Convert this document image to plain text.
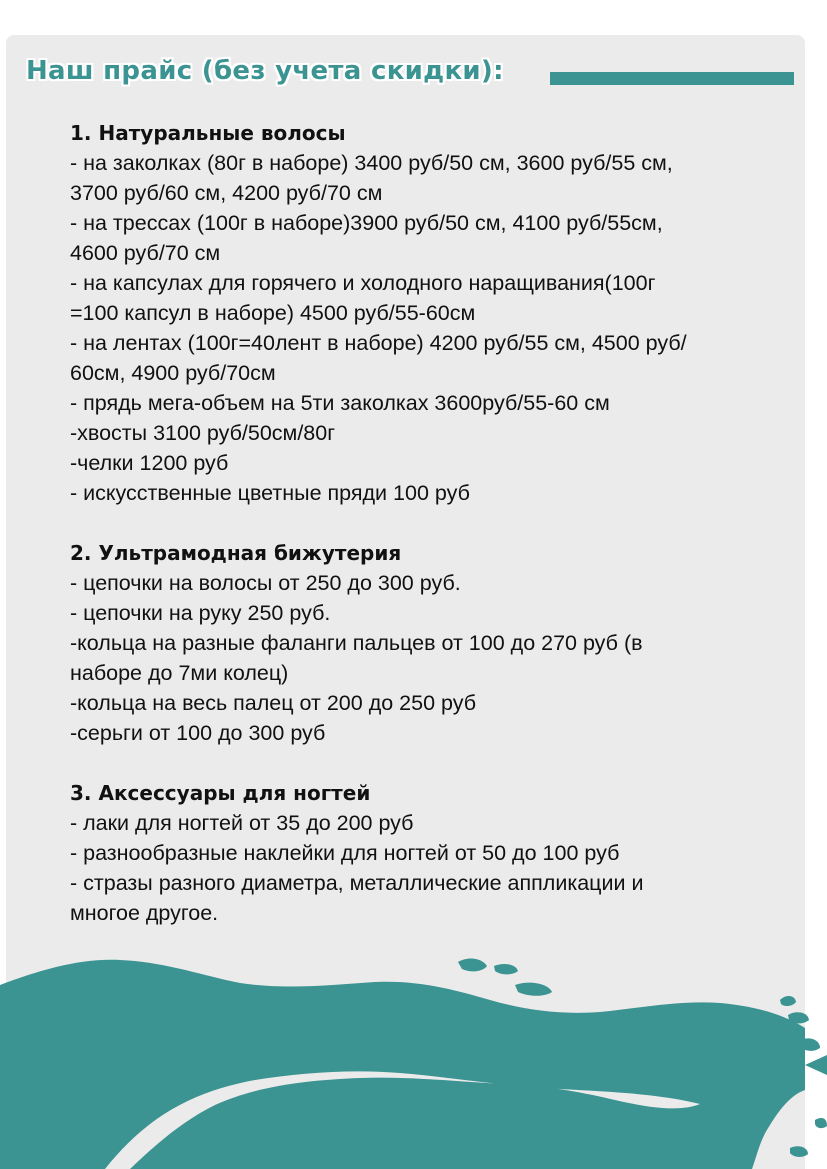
Наш прайс (без учета скидки):
1. Натуральные волосы
- на заколках (80г в наборе) 3400 руб/50 см, 3600 руб/55 см,
3700 руб/60 см, 4200 руб/70 см
- на трессах (100г в наборе)3900 руб/50 см, 4100 руб/55см,
4600 руб/70 см
- на капсулах для горячего и холодного наращивания(100г
=100 капсул в наборе) 4500 руб/55-60см
- на лентах (100г=40лент в наборе) 4200 руб/55 см, 4500 руб/
60см, 4900 руб/70см
- прядь мега-объем на 5ти заколках 3600руб/55-60 см
-хвосты 3100 руб/50см/80г
-челки 1200 руб
- искусственные цветные пряди 100 руб
2. Ультрамодная бижутерия
- цепочки на волосы от 250 до 300 руб.
- цепочки на руку 250 руб.
-кольца на разные фаланги пальцев от 100 до 270 руб (в
наборе до 7ми колец)
-кольца на весь палец от 200 до 250 руб
-серьги от 100 до 300 руб
3. Аксессуары для ногтей
- лаки для ногтей от 35 до 200 руб
- разнообразные наклейки для ногтей от 50 до 100 руб
- стразы разного диаметра, металлические аппликации и
многое другое.
